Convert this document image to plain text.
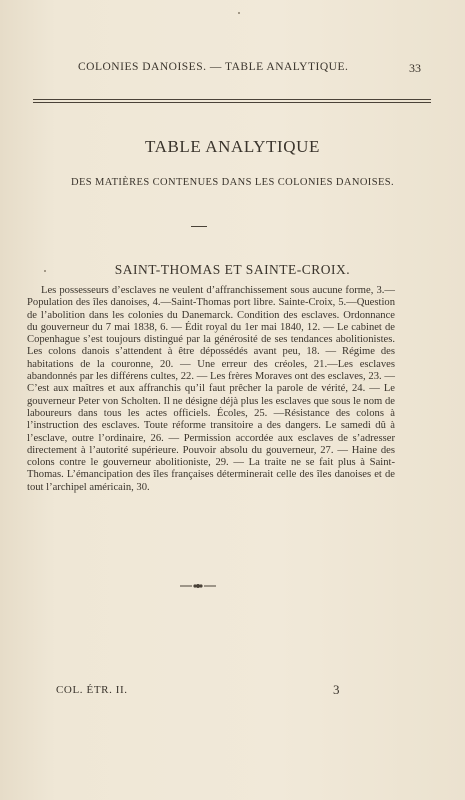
COLONIES DANOISES. — TABLE ANALYTIQUE.	33
TABLE ANALYTIQUE
DES MATIÈRES CONTENUES DANS LES COLONIES DANOISES.
SAINT-THOMAS ET SAINTE-CROIX.

Les possesseurs d’esclaves ne veulent d’affranchissement sous aucune forme, 3.—Population des îles danoises, 4.—Saint-Thomas port libre. Sainte-Croix, 5.—Question de l’abolition dans les colonies du Danemarck. Condition des esclaves. Ordonnance du gouverneur du 7 mai 1838, 6. — Édit royal du 1er mai 1840, 12. — Le cabinet de Copenhague s’est toujours distingué par la générosité de ses tendances abolitionistes. Les colons danois s’attendent à être dépossédés avant peu, 18. — Régime des habitations de la couronne, 20. — Une erreur des créoles, 21.—Les esclaves abandonnés par les différens cultes, 22. — Les frères Moraves ont des esclaves, 23. — C’est aux maîtres et aux affranchis qu’il faut prêcher la parole de vérité, 24. — Le gouverneur Peter von Scholten. Il ne désigne déjà plus les esclaves que sous le nom de laboureurs dans tous les actes officiels. Écoles, 25. —Résistance des colons à l’instruction des esclaves. Toute réforme transitoire a des dangers. Le samedi dû à l’esclave, outre l’ordinaire, 26. — Permission accordée aux esclaves de s’adresser directement à l’autorité supérieure. Pouvoir absolu du gouverneur, 27. — Haine des colons contre le gouverneur abolitioniste, 29. — La traite ne se fait plus à Saint-Thomas. L’émancipation des îles françaises déterminerait celle des îles danoises et de tout l’archipel américain, 30.

COL. ÉTR. II.	3
